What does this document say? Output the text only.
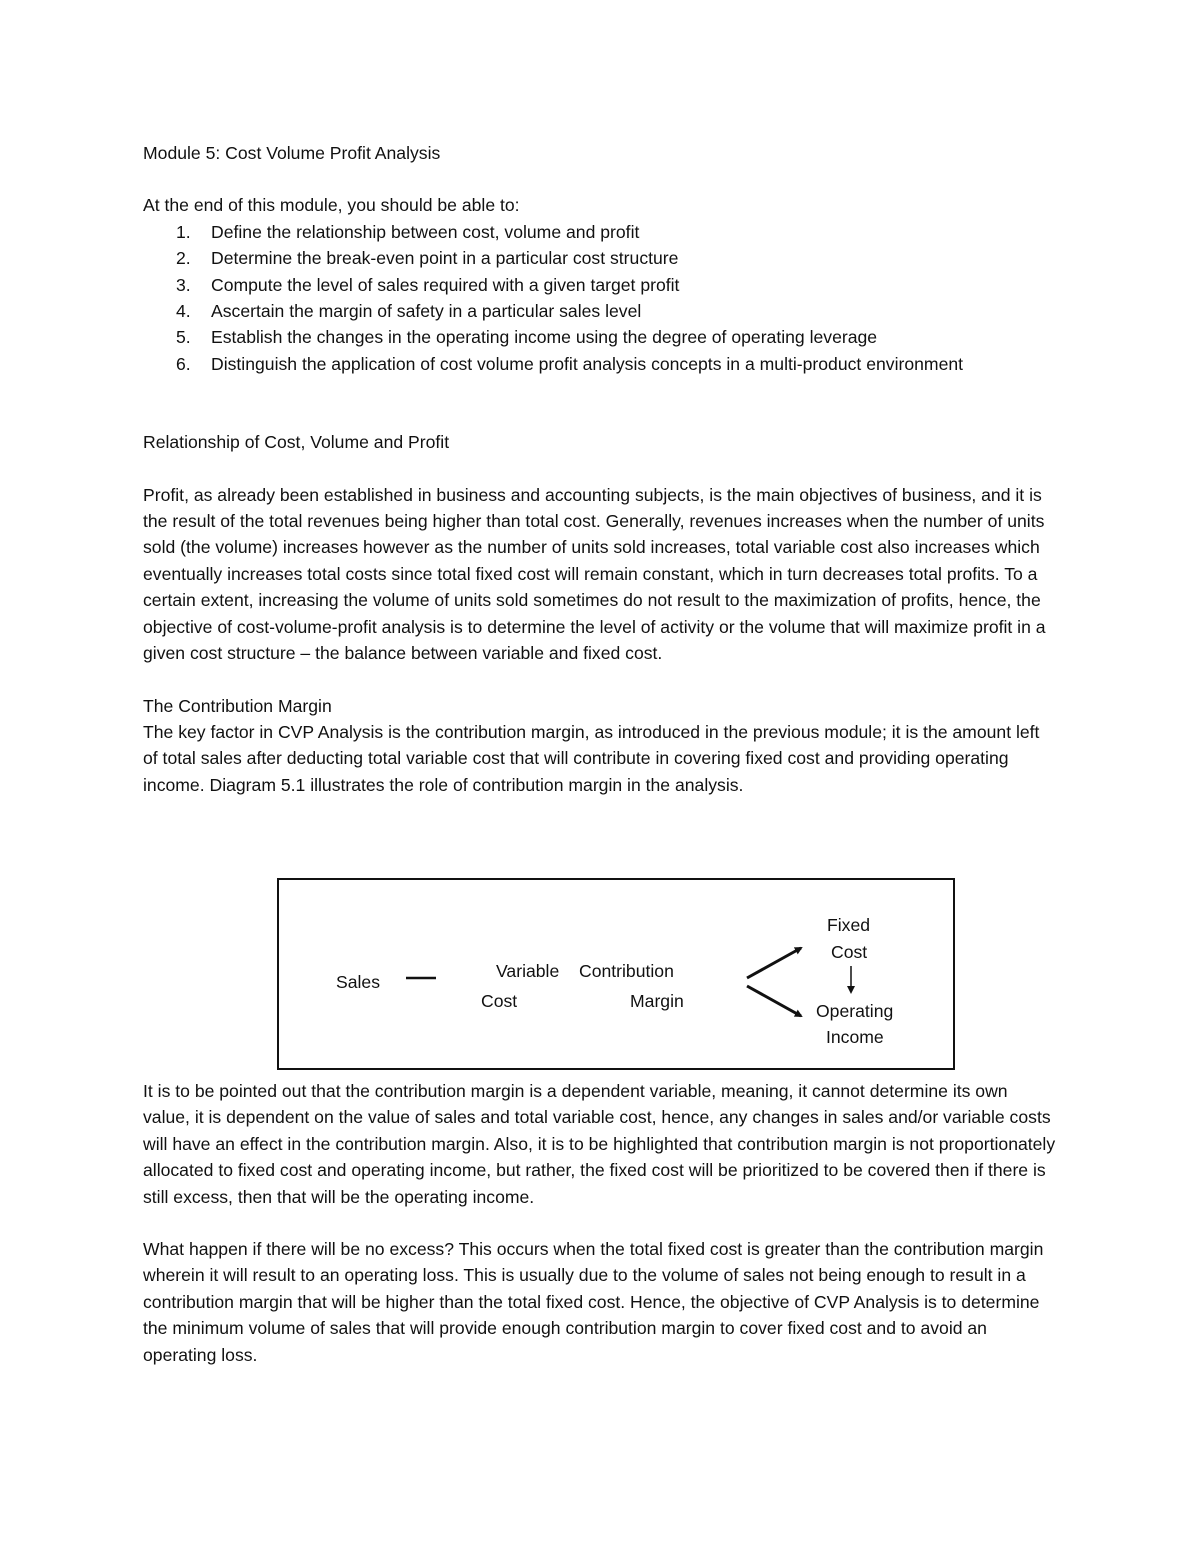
Module 5: Cost Volume Profit Analysis

At the end of this module, you should be able to:

1. Define the relationship between cost, volume and profit
2. Determine the break-even point in a particular cost structure
3. Compute the level of sales required with a given target profit
4. Ascertain the margin of safety in a particular sales level
5. Establish the changes in the operating income using the degree of operating leverage
6. Distinguish the application of cost volume profit analysis concepts in a multi-product environment

Relationship of Cost, Volume and Profit

Profit, as already been established in business and accounting subjects, is the main objectives of business, and it is the result of the total revenues being higher than total cost. Generally, revenues increases when the number of units sold (the volume) increases however as the number of units sold increases, total variable cost also increases which eventually increases total costs since total fixed cost will remain constant, which in turn decreases total profits. To a certain extent, increasing the volume of units sold sometimes do not result to the maximization of profits, hence, the objective of cost-volume-profit analysis is to determine the level of activity or the volume that will maximize profit in a given cost structure – the balance between variable and fixed cost.

The Contribution Margin

The key factor in CVP Analysis is the contribution margin, as introduced in the previous module; it is the amount left of total sales after deducting total variable cost that will contribute in covering fixed cost and providing operating income. Diagram 5.1 illustrates the role of contribution margin in the analysis.

Sales
Variable
Cost
Contribution
Margin
Fixed
Cost
Operating
Income

It is to be pointed out that the contribution margin is a dependent variable, meaning, it cannot determine its own value, it is dependent on the value of sales and total variable cost, hence, any changes in sales and/or variable costs will have an effect in the contribution margin. Also, it is to be highlighted that contribution margin is not proportionately allocated to fixed cost and operating income, but rather, the fixed cost will be prioritized to be covered then if there is still excess, then that will be the operating income.

What happen if there will be no excess? This occurs when the total fixed cost is greater than the contribution margin wherein it will result to an operating loss. This is usually due to the volume of sales not being enough to result in a contribution margin that will be higher than the total fixed cost. Hence, the objective of CVP Analysis is to determine the minimum volume of sales that will provide enough contribution margin to cover fixed cost and to avoid an operating loss.
